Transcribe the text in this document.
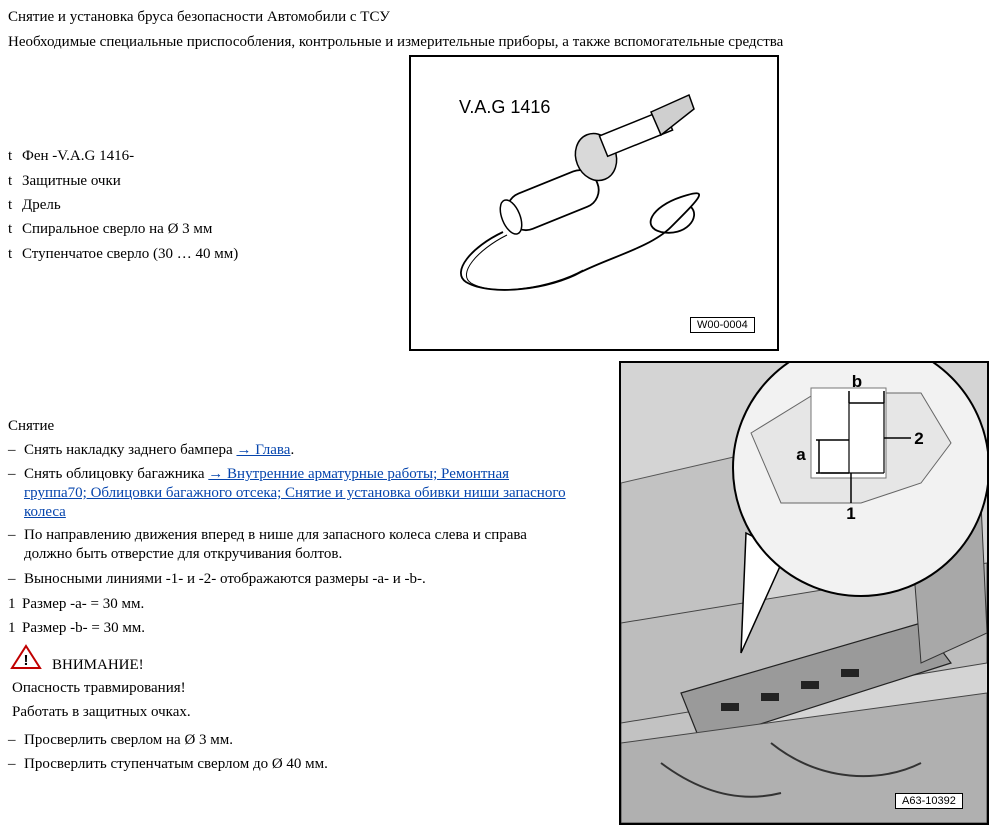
Снятие и установка бруса безопасности Автомобили с ТСУ
Необходимые специальные приспособления, контрольные и измерительные приборы, а также вспомогательные средства
t Фен -V.A.G 1416-
t Защитные очки
t Дрель
t Спиральное сверло на Ø 3 мм
t Ступенчатое сверло (30 … 40 мм)
V.A.G 1416
W00-0004
Снятие
– Снять накладку заднего бампера → Глава.
– Снять облицовку багажника → Внутренние арматурные работы; Ремонтная
группа70; Облицовки багажного отсека; Снятие и установка обивки ниши запасного
колеса
– По направлению движения вперед в нише для запасного колеса слева и справа
должно быть отверстие для откручивания болтов.
– Выносными линиями -1- и -2- отображаются размеры -a- и -b-.
1 Размер -a- = 30 мм.
1 Размер -b- = 30 мм.
! ВНИМАНИЕ!
Опасность травмирования!
Работать в защитных очках.
– Просверлить сверлом на Ø 3 мм.
– Просверлить ступенчатым сверлом до Ø 40 мм.
b
a
2
1
A63-10392
